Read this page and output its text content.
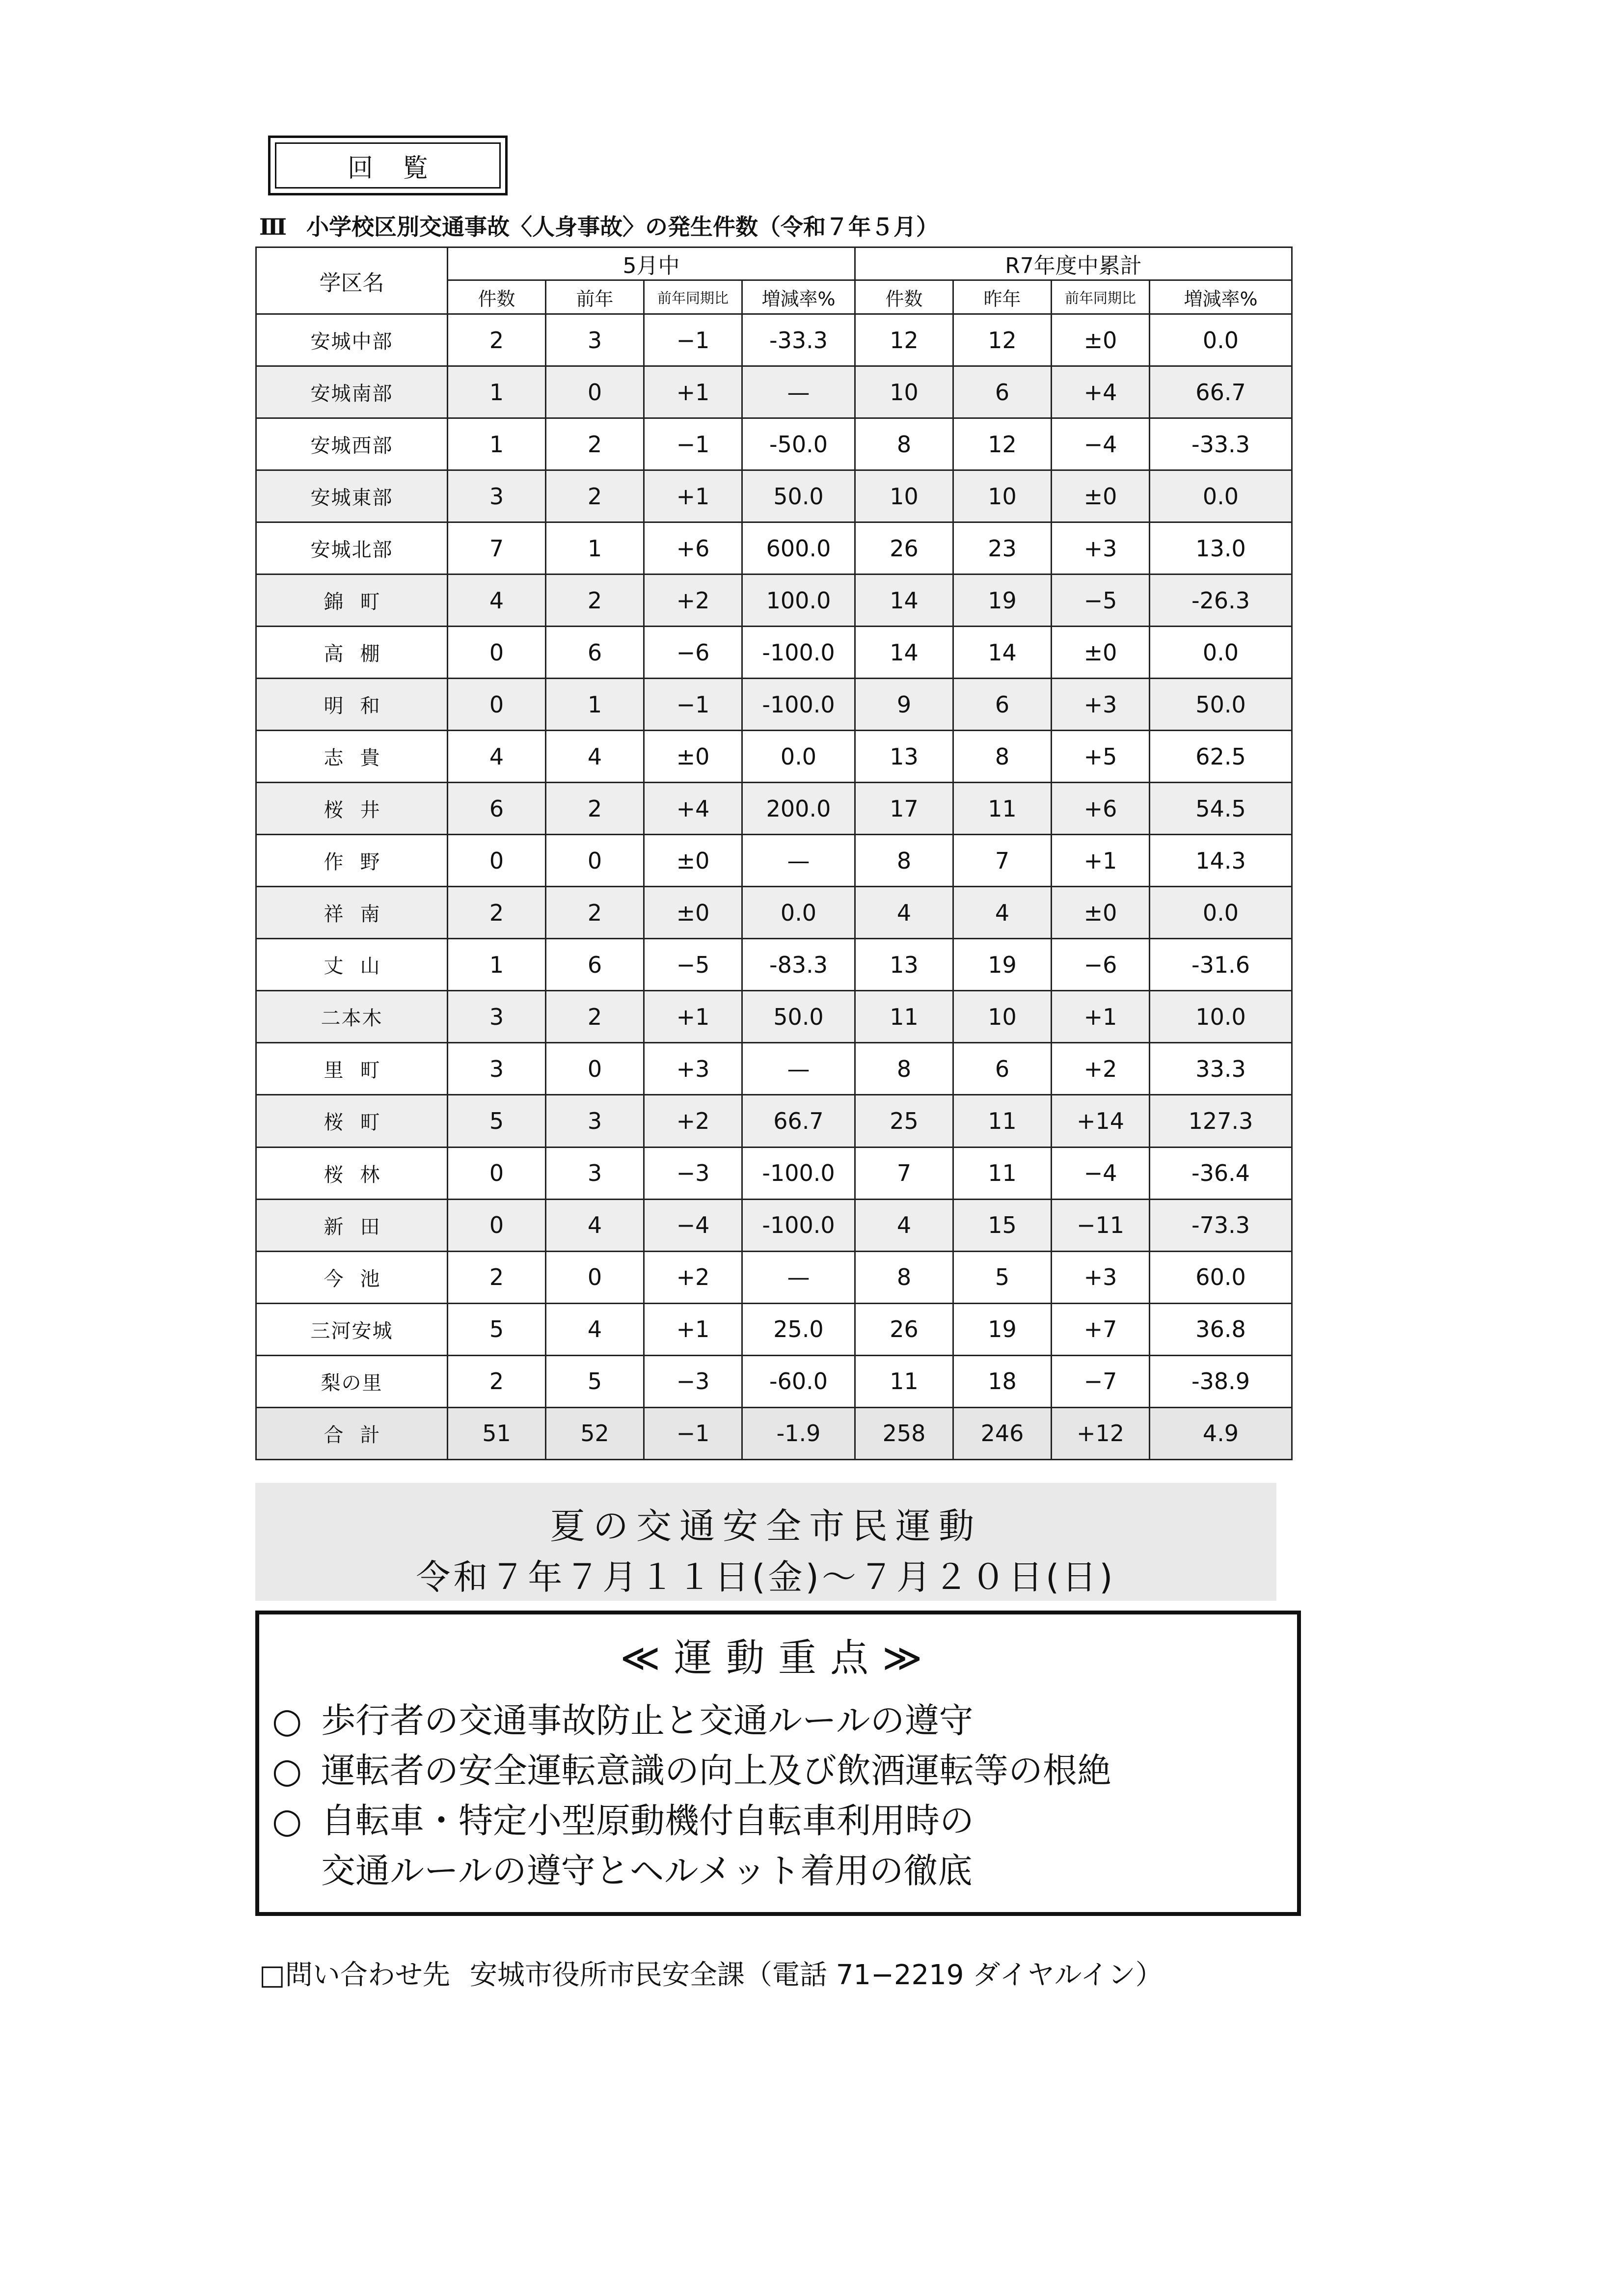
回覧
Ⅲ 小学校区別交通事故〈人身事故〉の発生件数（令和７年５月）
学区名	5月中				R7年度中累計			
	件数	前年	前年同期比	増減率%	件数	昨年	前年同期比	増減率%
安城中部	2	3	−1	-33.3	12	12	±0	0.0
安城南部	1	0	+1	—	10	6	+4	66.7
安城西部	1	2	−1	-50.0	8	12	−4	-33.3
安城東部	3	2	+1	50.0	10	10	±0	0.0
安城北部	7	1	+6	600.0	26	23	+3	13.0
錦町	4	2	+2	100.0	14	19	−5	-26.3
高棚	0	6	−6	-100.0	14	14	±0	0.0
明和	0	1	−1	-100.0	9	6	+3	50.0
志貴	4	4	±0	0.0	13	8	+5	62.5
桜井	6	2	+4	200.0	17	11	+6	54.5
作野	0	0	±0	—	8	7	+1	14.3
祥南	2	2	±0	0.0	4	4	±0	0.0
丈山	1	6	−5	-83.3	13	19	−6	-31.6
二本木	3	2	+1	50.0	11	10	+1	10.0
里町	3	0	+3	—	8	6	+2	33.3
桜町	5	3	+2	66.7	25	11	+14	127.3
桜林	0	3	−3	-100.0	7	11	−4	-36.4
新田	0	4	−4	-100.0	4	15	−11	-73.3
今池	2	0	+2	—	8	5	+3	60.0
三河安城	5	4	+1	25.0	26	19	+7	36.8
梨の里	2	5	−3	-60.0	11	18	−7	-38.9
合計	51	52	−1	-1.9	258	246	+12	4.9
夏の交通安全市民運動
令和７年７月１１日(金)〜７月２０日(日)
≪運動重点≫
○ 歩行者の交通事故防止と交通ルールの遵守
○ 運転者の安全運転意識の向上及び飲酒運転等の根絶
○ 自転車・特定小型原動機付自転車利用時の
交通ルールの遵守とヘルメット着用の徹底
□問い合わせ先 安城市役所市民安全課（電話 71−2219 ダイヤルイン）
